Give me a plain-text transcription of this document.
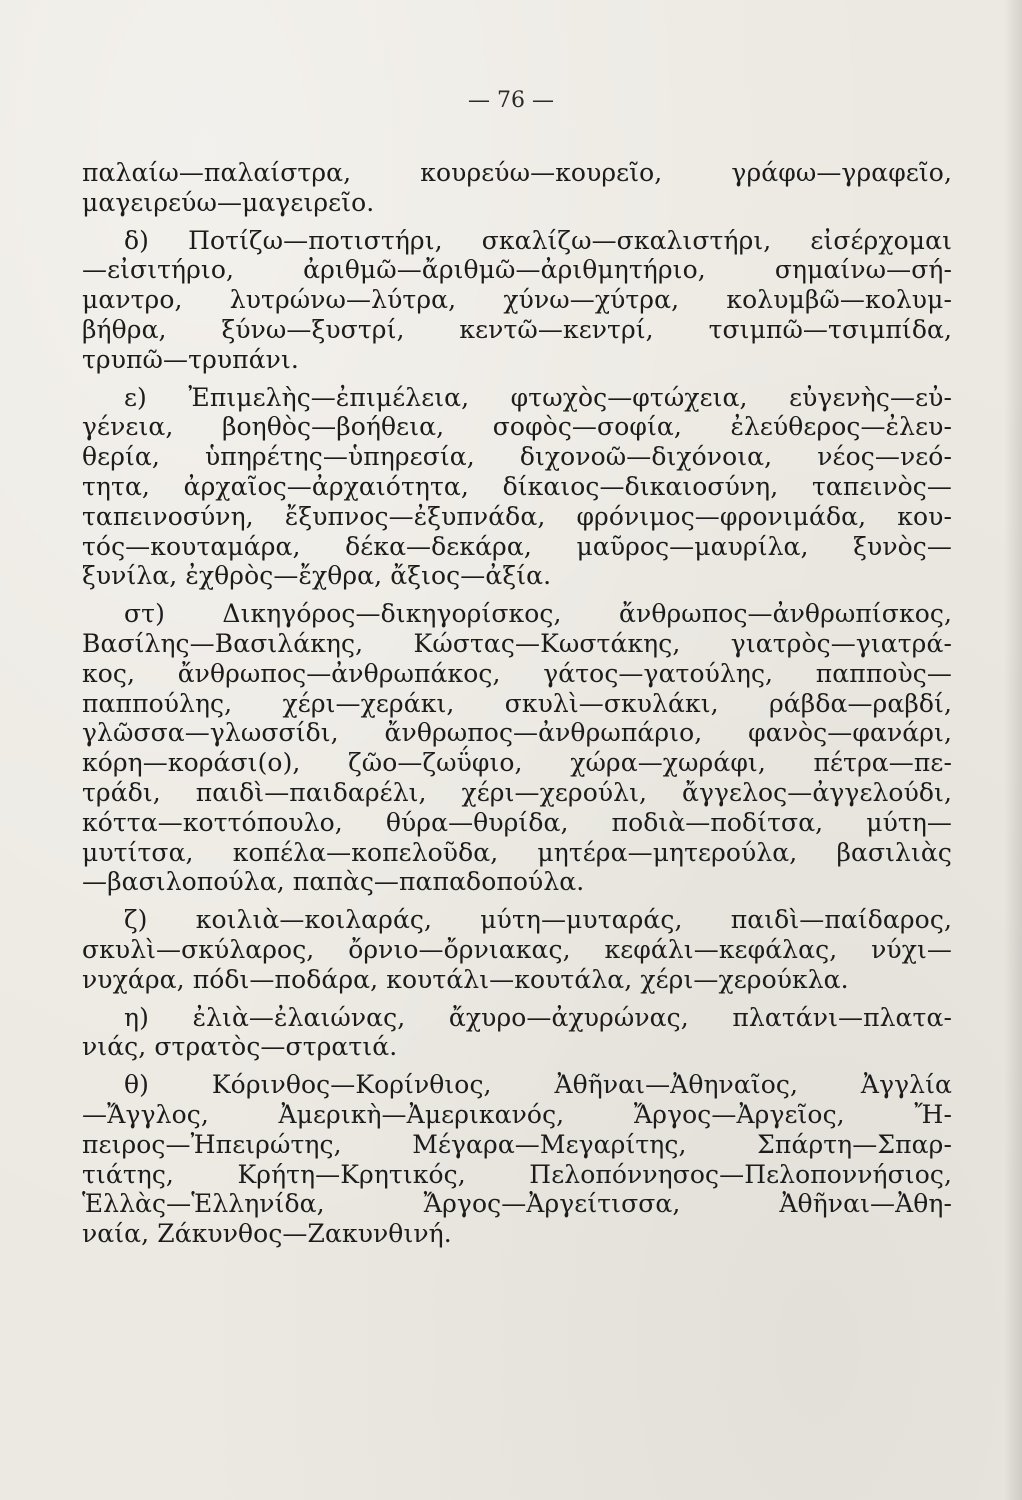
— 76 —
παλαίω—παλαίστρα, κουρεύω—κουρεῖο, γράφω—γραφεῖο,
μαγειρεύω—μαγειρεῖο.
δ) Ποτίζω—ποτιστήρι, σκαλίζω—σκαλιστήρι, εἰσέρχομαι
—εἰσιτήριο, ἀριθμῶ—ἄριθμῶ—ἀριθμητήριο, σημαίνω—σή-
μαντρο, λυτρώνω—λύτρα, χύνω—χύτρα, κολυμβῶ—κολυμ-
βήθρα, ξύνω—ξυστρί, κεντῶ—κεντρί, τσιμπῶ—τσιμπίδα,
τρυπῶ—τρυπάνι.
ε) Ἐπιμελὴς—ἐπιμέλεια, φτωχὸς—φτώχεια, εὐγενὴς—εὐ-
γένεια, βοηθὸς—βοήθεια, σοφὸς—σοφία, ἐλεύθερος—ἐλευ-
θερία, ὑπηρέτης—ὑπηρεσία, διχονοῶ—διχόνοια, νέος—νεό-
τητα, ἀρχαῖος—ἀρχαιότητα, δίκαιος—δικαιοσύνη, ταπεινὸς—
ταπεινοσύνη, ἔξυπνος—ἐξυπνάδα, φρόνιμος—φρονιμάδα, κου-
τός—κουταμάρα, δέκα—δεκάρα, μαῦρος—μαυρίλα, ξυνὸς—
ξυνίλα, ἐχθρὸς—ἔχθρα, ἄξιος—ἀξία.
στ) Δικηγόρος—δικηγορίσκος, ἄνθρωπος—ἀνθρωπίσκος,
Βασίλης—Βασιλάκης, Κώστας—Κωστάκης, γιατρὸς—γιατρά-
κος, ἄνθρωπος—ἀνθρωπάκος, γάτος—γατούλης, παπποὺς—
παππούλης, χέρι—χεράκι, σκυλὶ—σκυλάκι, ράβδα—ραβδί,
γλῶσσα—γλωσσίδι, ἄνθρωπος—ἀνθρωπάριο, φανὸς—φανάρι,
κόρη—κοράσι(ο), ζῶο—ζωΰφιο, χώρα—χωράφι, πέτρα—πε-
τράδι, παιδὶ—παιδαρέλι, χέρι—χερούλι, ἄγγελος—ἀγγελούδι,
κόττα—κοττόπουλο, θύρα—θυρίδα, ποδιὰ—ποδίτσα, μύτη—
μυτίτσα, κοπέλα—κοπελοῦδα, μητέρα—μητερούλα, βασιλιὰς
—βασιλοπούλα, παπὰς—παπαδοπούλα.
ζ) κοιλιὰ—κοιλαράς, μύτη—μυταράς, παιδὶ—παίδαρος,
σκυλὶ—σκύλαρος, ὄρνιο—ὄρνιακας, κεφάλι—κεφάλας, νύχι—
νυχάρα, πόδι—ποδάρα, κουτάλι—κουτάλα, χέρι—χερούκλα.
η) ἐλιὰ—ἐλαιώνας, ἄχυρο—ἀχυρώνας, πλατάνι—πλατα-
νιάς, στρατὸς—στρατιά.
θ) Κόρινθος—Κορίνθιος, Ἀθῆναι—Ἀθηναῖος, Ἀγγλία
—Ἄγγλος, Ἀμερικὴ—Ἀμερικανός, Ἄργος—Ἀργεῖος, Ἤ-
πειρος—Ἠπειρώτης, Μέγαρα—Μεγαρίτης, Σπάρτη—Σπαρ-
τιάτης, Κρήτη—Κρητικός, Πελοπόννησος—Πελοποννήσιος,
Ἑλλὰς—Ἑλληνίδα, Ἄργος—Ἀργείτισσα, Ἀθῆναι—Ἀθη-
ναία, Ζάκυνθος—Ζακυνθινή.
